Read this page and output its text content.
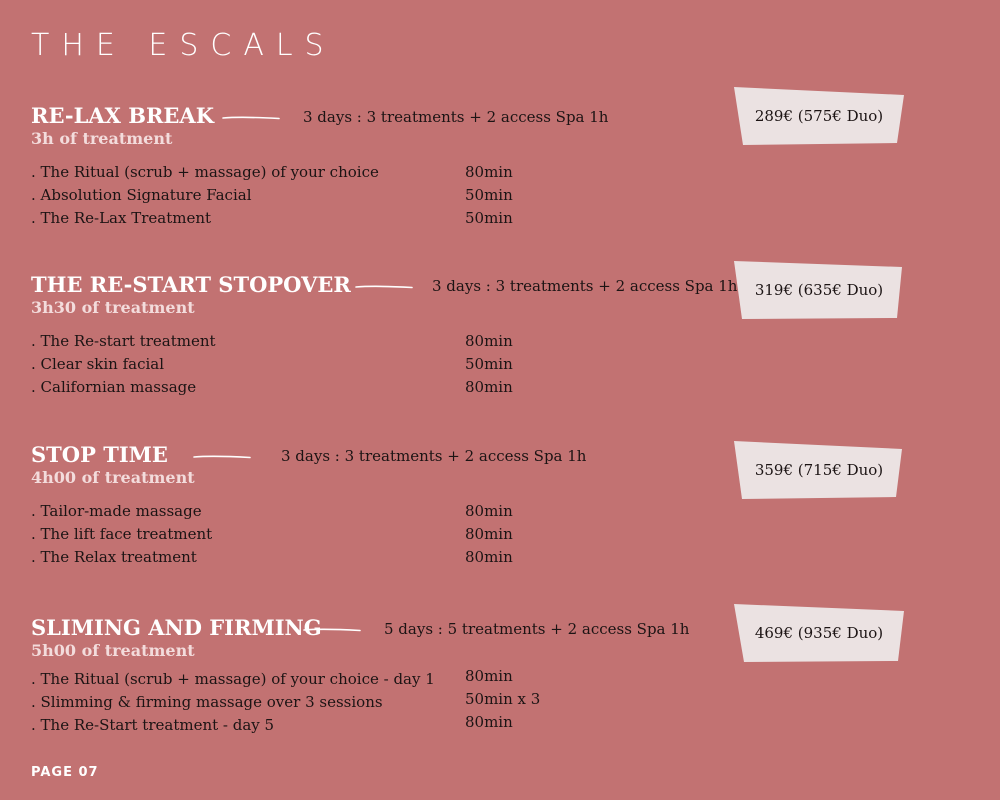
THE ESCALS
RE-LAX BREAK
3h of treatment
3 days : 3 treatments + 2 access Spa 1h
. The Ritual (scrub + massage) of your choice	80min
. Absolution Signature Facial	50min
. The Re-Lax Treatment	50min
289€ (575€ Duo)
THE RE-START STOPOVER
3h30 of treatment
3 days : 3 treatments + 2 access Spa 1h
. The Re-start treatment	80min
. Clear skin facial	50min
. Californian massage	80min
319€ (635€ Duo)
STOP TIME
4h00 of treatment
3 days : 3 treatments + 2 access Spa 1h
. Tailor-made massage	80min
. The lift face treatment	80min
. The Relax treatment	80min
359€ (715€ Duo)
SLIMING AND FIRMING
5h00 of treatment
5 days : 5 treatments + 2 access Spa 1h
. The Ritual (scrub + massage) of your choice - day 1 80min
. Slimming & firming massage over 3 sessions	50min x 3
. The Re-Start treatment - day 5	80min
469€ (935€ Duo)
PAGE 07
